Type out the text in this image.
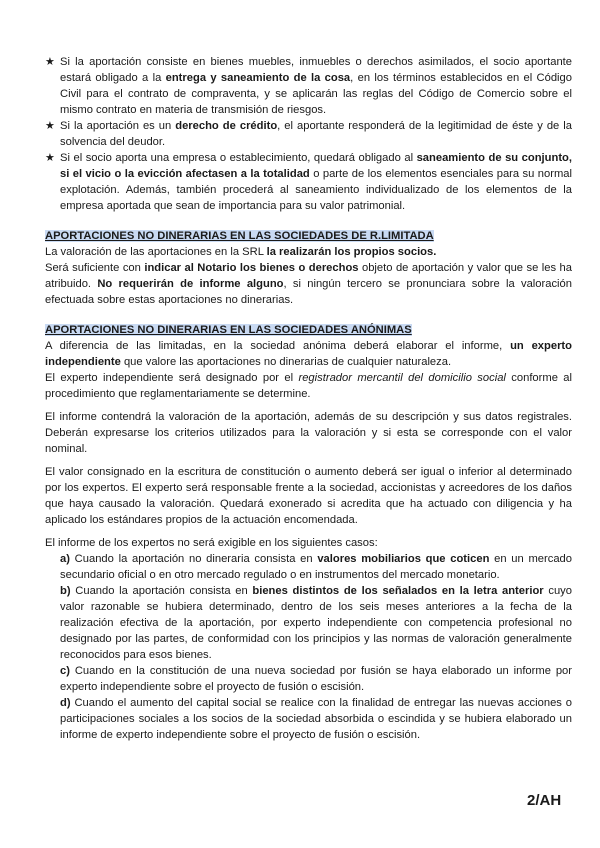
★ Si la aportación consiste en bienes muebles, inmuebles o derechos asimilados, el socio aportante estará obligado a la entrega y saneamiento de la cosa, en los términos establecidos en el Código Civil para el contrato de compraventa, y se aplicarán las reglas del Código de Comercio sobre el mismo contrato en materia de transmisión de riesgos.
★ Si la aportación es un derecho de crédito, el aportante responderá de la legitimidad de éste y de la solvencia del deudor.
★ Si el socio aporta una empresa o establecimiento, quedará obligado al saneamiento de su conjunto, si el vicio o la evicción afectasen a la totalidad o parte de los elementos esenciales para su normal explotación. Además, también procederá al saneamiento individualizado de los elementos de la empresa aportada que sean de importancia para su valor patrimonial.
APORTACIONES NO DINERARIAS EN LAS SOCIEDADES DE R.LIMITADA
La valoración de las aportaciones en la SRL la realizarán los propios socios.
Será suficiente con indicar al Notario los bienes o derechos objeto de aportación y valor que se les ha atribuido. No requerirán de informe alguno, si ningún tercero se pronunciara sobre la valoración efectuada sobre estas aportaciones no dinerarias.
APORTACIONES NO DINERARIAS EN LAS SOCIEDADES ANÓNIMAS
A diferencia de las limitadas, en la sociedad anónima deberá elaborar el informe, un experto independiente que valore las aportaciones no dinerarias de cualquier naturaleza.
El experto independiente será designado por el registrador mercantil del domicilio social conforme al procedimiento que reglamentariamente se determine.
El informe contendrá la valoración de la aportación, además de su descripción y sus datos registrales. Deberán expresarse los criterios utilizados para la valoración y si esta se corresponde con el valor nominal.
El valor consignado en la escritura de constitución o aumento deberá ser igual o inferior al determinado por los expertos. El experto será responsable frente a la sociedad, accionistas y acreedores de los daños que haya causado la valoración. Quedará exonerado si acredita que ha actuado con diligencia y ha aplicado los estándares propios de la actuación encomendada.
El informe de los expertos no será exigible en los siguientes casos:
a) Cuando la aportación no dineraria consista en valores mobiliarios que coticen en un mercado secundario oficial o en otro mercado regulado o en instrumentos del mercado monetario.
b) Cuando la aportación consista en bienes distintos de los señalados en la letra anterior cuyo valor razonable se hubiera determinado, dentro de los seis meses anteriores a la fecha de la realización efectiva de la aportación, por experto independiente con competencia profesional no designado por las partes, de conformidad con los principios y las normas de valoración generalmente reconocidos para esos bienes.
c) Cuando en la constitución de una nueva sociedad por fusión se haya elaborado un informe por experto independiente sobre el proyecto de fusión o escisión.
d) Cuando el aumento del capital social se realice con la finalidad de entregar las nuevas acciones o participaciones sociales a los socios de la sociedad absorbida o escindida y se hubiera elaborado un informe de experto independiente sobre el proyecto de fusión o escisión.
2/AH
